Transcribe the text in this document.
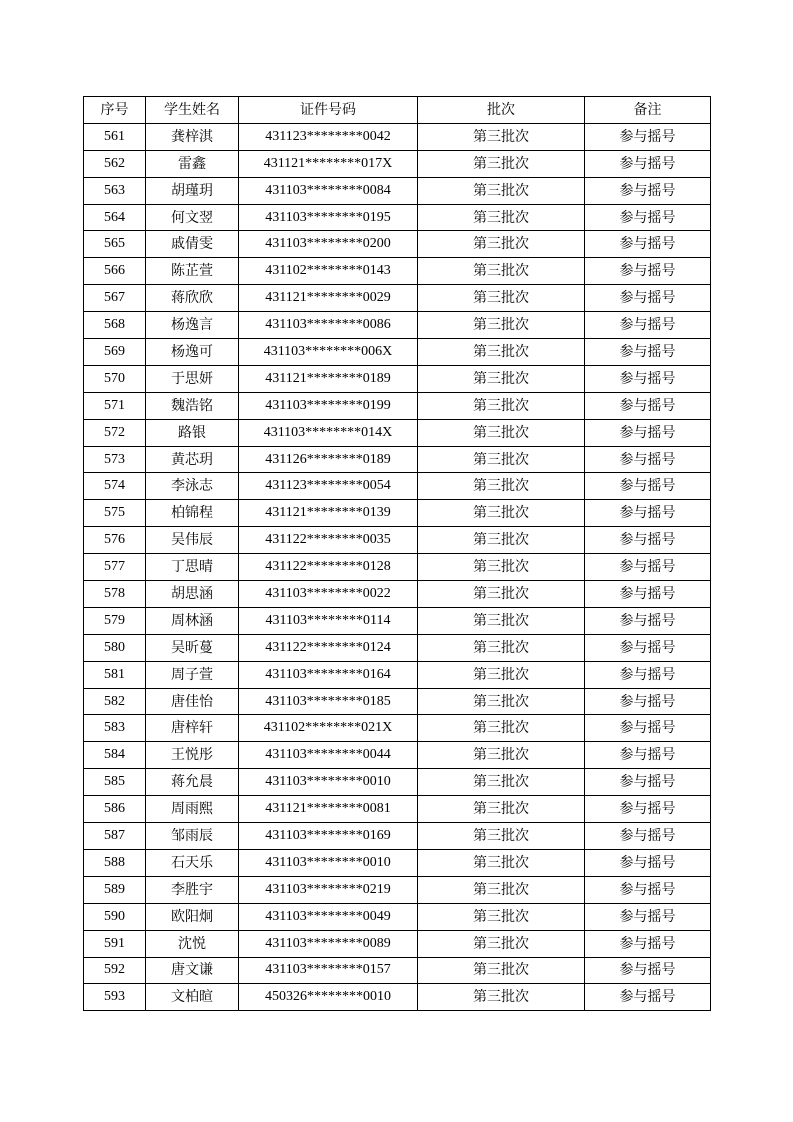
序号	学生姓名	证件号码	批次	备注
561	龚梓淇	431123********0042	第三批次	参与摇号
562	雷鑫	431121********017X	第三批次	参与摇号
563	胡瑾玥	431103********0084	第三批次	参与摇号
564	何文翌	431103********0195	第三批次	参与摇号
565	戚倩雯	431103********0200	第三批次	参与摇号
566	陈芷萱	431102********0143	第三批次	参与摇号
567	蒋欣欣	431121********0029	第三批次	参与摇号
568	杨逸言	431103********0086	第三批次	参与摇号
569	杨逸可	431103********006X	第三批次	参与摇号
570	于思妍	431121********0189	第三批次	参与摇号
571	魏浩铭	431103********0199	第三批次	参与摇号
572	路银	431103********014X	第三批次	参与摇号
573	黄芯玥	431126********0189	第三批次	参与摇号
574	李泳志	431123********0054	第三批次	参与摇号
575	柏锦程	431121********0139	第三批次	参与摇号
576	吴伟辰	431122********0035	第三批次	参与摇号
577	丁思晴	431122********0128	第三批次	参与摇号
578	胡思涵	431103********0022	第三批次	参与摇号
579	周林涵	431103********0114	第三批次	参与摇号
580	吴昕蔓	431122********0124	第三批次	参与摇号
581	周子萱	431103********0164	第三批次	参与摇号
582	唐佳怡	431103********0185	第三批次	参与摇号
583	唐梓轩	431102********021X	第三批次	参与摇号
584	王悦彤	431103********0044	第三批次	参与摇号
585	蒋允晨	431103********0010	第三批次	参与摇号
586	周雨熙	431121********0081	第三批次	参与摇号
587	邹雨辰	431103********0169	第三批次	参与摇号
588	石天乐	431103********0010	第三批次	参与摇号
589	李胜宇	431103********0219	第三批次	参与摇号
590	欧阳炯	431103********0049	第三批次	参与摇号
591	沈悦	431103********0089	第三批次	参与摇号
592	唐文谦	431103********0157	第三批次	参与摇号
593	文柏暄	450326********0010	第三批次	参与摇号
